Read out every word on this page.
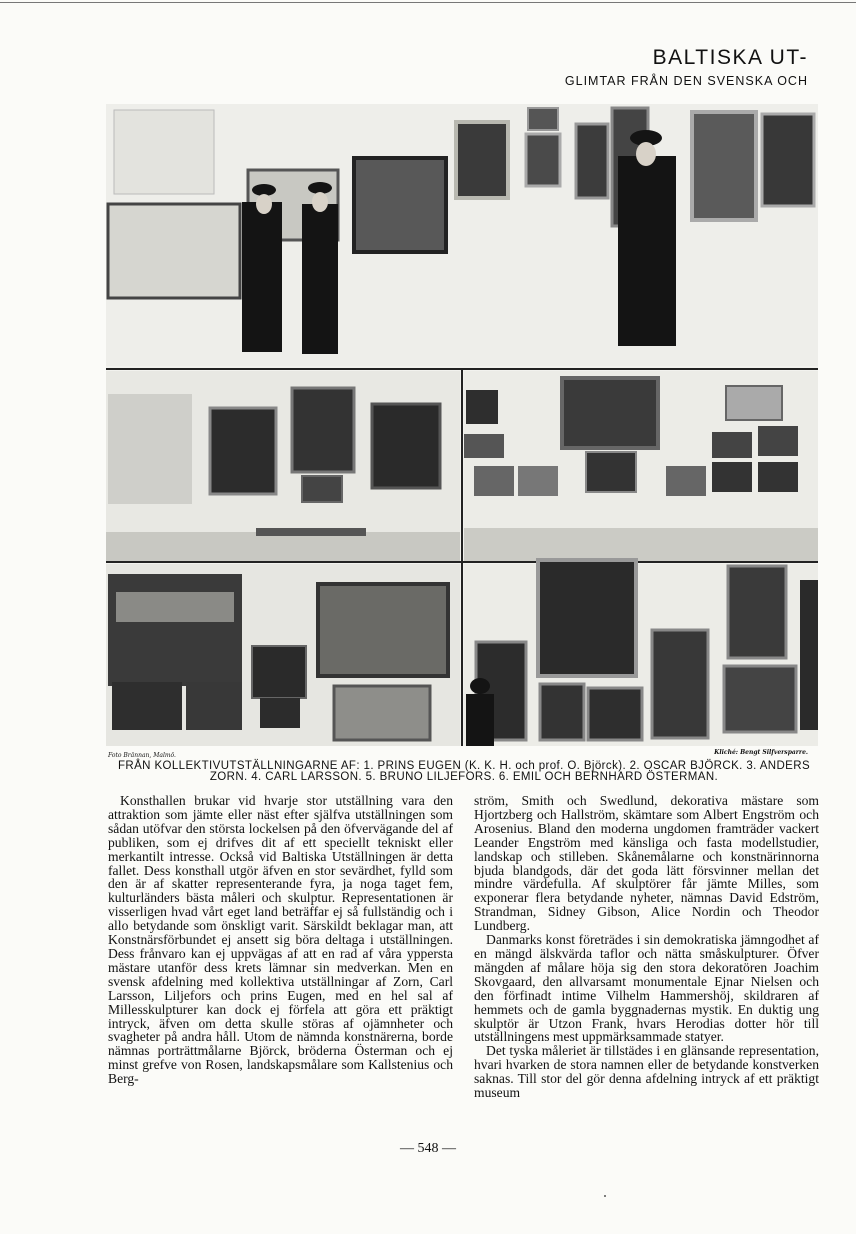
BALTISKA UT-
GLIMTAR FRÅN DEN SVENSKA OCH
Foto Brännan, Malmö.	Kliché: Bengt Silfversparre.
FRÅN KOLLEKTIVUTSTÄLLNINGARNE AF: 1. PRINS EUGEN (K. K. H. och prof. O. Björck). 2. OSCAR BJÖRCK. 3. ANDERS
ZORN. 4. CARL LARSSON. 5. BRUNO LILJEFORS. 6. EMIL OCH BERNHARD ÖSTERMAN.

Konsthallen brukar vid hvarje stor utställning vara den attraktion som jämte eller näst efter själfva utställningen som sådan utöfvar den största lockelsen på den öfvervägande del af publiken, som ej drifves dit af ett speciellt tekniskt eller merkantilt intresse. Också vid Baltiska Utställningen är detta fallet. Dess konsthall utgör äfven en stor sevärdhet, fylld som den är af skatter representerande fyra, ja noga taget fem, kulturländers bästa måleri och skulptur. Representationen är visserligen hvad vårt eget land beträffar ej så fullständig och i allo betydande som önskligt varit. Särskildt beklagar man, att Konstnärsförbundet ej ansett sig böra deltaga i utställningen. Dess frånvaro kan ej uppvägas af att en rad af våra yppersta mästare utanför dess krets lämnar sin medverkan. Men en svensk afdelning med kollektiva utställningar af Zorn, Carl Larsson, Liljefors och prins Eugen, med en hel sal af Millesskulpturer kan dock ej förfela att göra ett präktigt intryck, äfven om detta skulle störas af ojämnheter och svagheter på andra håll. Utom de nämnda konstnärerna, borde nämnas porträttmålarne Björck, bröderna Österman och ej minst grefve von Rosen, landskapsmålare som Kallstenius och Berg-

ström, Smith och Swedlund, dekorativa mästare som Hjortzberg och Hallström, skämtare som Albert Engström och Arosenius. Bland den moderna ungdomen framträder vackert Leander Engström med känsliga och fasta modellstudier, landskap och stilleben. Skånemålarne och konstnärinnorna bjuda blandgods, där det goda lätt försvinner mellan det mindre värdefulla. Af skulptörer får jämte Milles, som exponerar flera betydande nyheter, nämnas David Edström, Strandman, Sidney Gibson, Alice Nordin och Theodor Lundberg.

Danmarks konst företrädes i sin demokratiska jämngodhet af en mängd älskvärda taflor och nätta småskulpturer. Öfver mängden af målare höja sig den stora dekoratören Joachim Skovgaard, den allvarsamt monumentale Ejnar Nielsen och den förfinadt intime Vilhelm Hammershöj, skildraren af hemmets och de gamla byggnadernas mystik. En duktig ung skulptör är Utzon Frank, hvars Herodias dotter hör till utställningens mest uppmärksammade statyer.

Det tyska måleriet är tillstädes i en glänsande representation, hvari hvarken de stora namnen eller de betydande konstverken saknas. Till stor del gör denna afdelning intryck af ett präktigt museum

— 548 —
